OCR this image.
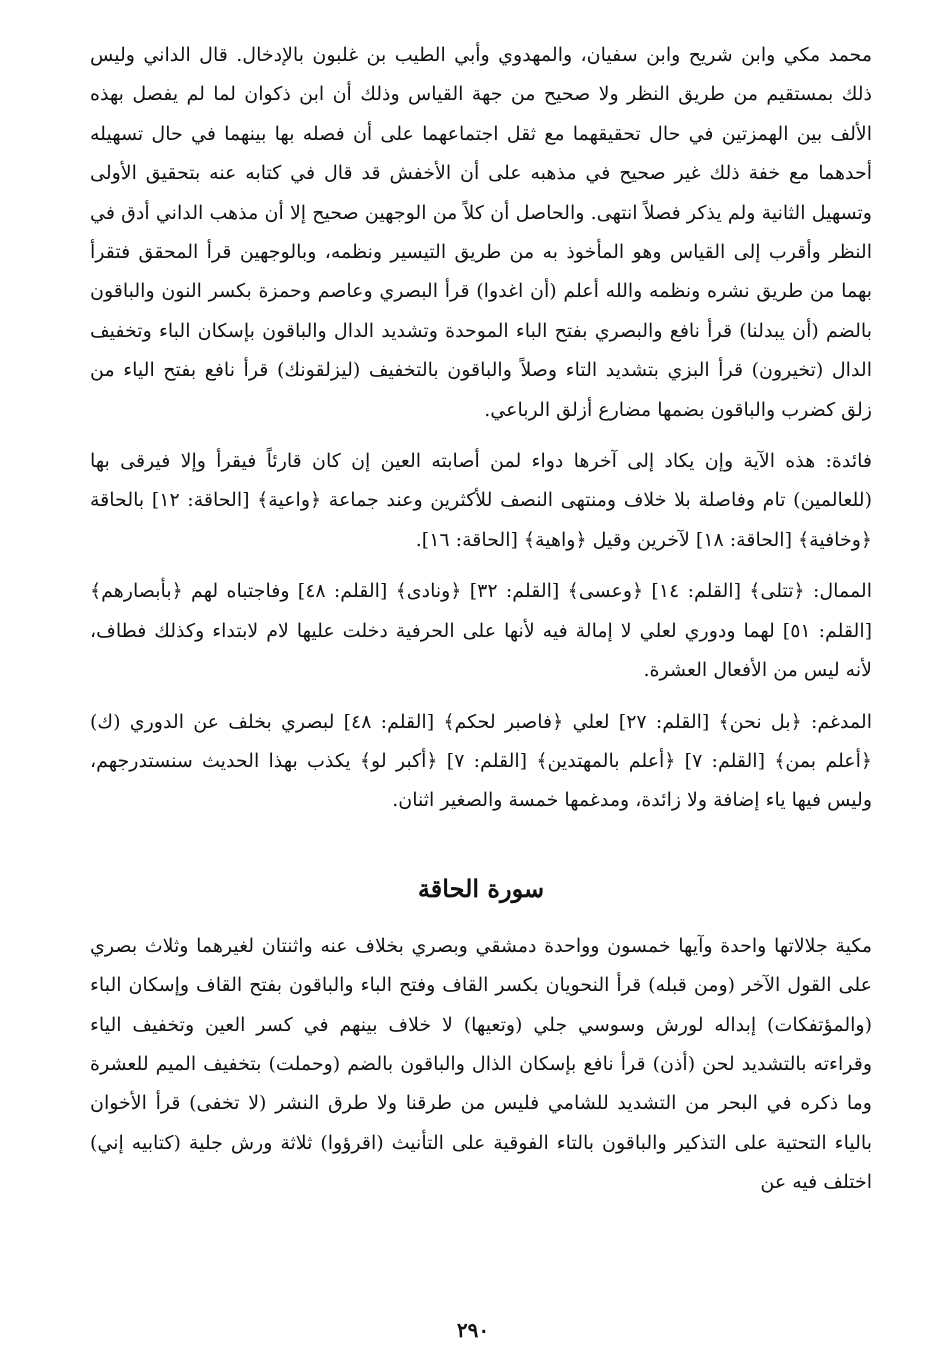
محمد مكي وابن شريح وابن سفيان، والمهدوي وأبي الطيب بن غلبون بالإدخال. قال الداني وليس ذلك بمستقيم من طريق النظر ولا صحيح من جهة القياس وذلك أن ابن ذكوان لما لم يفصل بهذه الألف بين الهمزتين في حال تحقيقهما مع ثقل اجتماعهما على أن فصله بها بينهما في حال تسهيله أحدهما مع خفة ذلك غير صحيح في مذهبه على أن الأخفش قد قال في كتابه عنه بتحقيق الأولى وتسهيل الثانية ولم يذكر فصلاً انتهى. والحاصل أن كلاً من الوجهين صحيح إلا أن مذهب الداني أدق في النظر وأقرب إلى القياس وهو المأخوذ به من طريق التيسير ونظمه، وبالوجهين قرأ المحقق فتقرأ بهما من طريق نشره ونظمه والله أعلم (أن اغدوا) قرأ البصري وعاصم وحمزة بكسر النون والباقون بالضم (أن يبدلنا) قرأ نافع والبصري بفتح الباء الموحدة وتشديد الدال والباقون بإسكان الباء وتخفيف الدال (تخيرون) قرأ البزي بتشديد التاء وصلاً والباقون بالتخفيف (ليزلقونك) قرأ نافع بفتح الياء من زلق كضرب والباقون بضمها مضارع أزلق الرباعي.

فائدة: هذه الآية وإن يكاد إلى آخرها دواء لمن أصابته العين إن كان قارئاً فيقرأ وإلا فيرقى بها (للعالمين) تام وفاصلة بلا خلاف ومنتهى النصف للأكثرين وعند جماعة ﴿واعية﴾ [الحاقة: ١٢] بالحاقة ﴿وخافية﴾ [الحاقة: ١٨] لآخرين وقيل ﴿واهية﴾ [الحاقة: ١٦].

الممال: ﴿تتلى﴾ [القلم: ١٤] ﴿وعسى﴾ [القلم: ٣٢] ﴿ونادى﴾ [القلم: ٤٨] وفاجتباه لهم ﴿بأبصارهم﴾ [القلم: ٥١] لهما ودوري لعلي لا إمالة فيه لأنها على الحرفية دخلت عليها لام لابتداء وكذلك فطاف، لأنه ليس من الأفعال العشرة.

المدغم: ﴿بل نحن﴾ [القلم: ٢٧] لعلي ﴿فاصبر لحكم﴾ [القلم: ٤٨] لبصري بخلف عن الدوري (ك) ﴿أعلم بمن﴾ [القلم: ٧] ﴿أعلم بالمهتدين﴾ [القلم: ٧] ﴿أكبر لو﴾ يكذب بهذا الحديث سنستدرجهم، وليس فيها ياء إضافة ولا زائدة، ومدغمها خمسة والصغير اثنان.

سورة الحاقة

مكية جلالاتها واحدة وآيها خمسون وواحدة دمشقي وبصري بخلاف عنه واثنتان لغيرهما وثلاث بصري على القول الآخر (ومن قبله) قرأ النحويان بكسر القاف وفتح الباء والباقون بفتح القاف وإسكان الباء (والمؤتفكات) إبداله لورش وسوسي جلي (وتعيها) لا خلاف بينهم في كسر العين وتخفيف الياء وقراءته بالتشديد لحن (أذن) قرأ نافع بإسكان الذال والباقون بالضم (وحملت) بتخفيف الميم للعشرة وما ذكره في البحر من التشديد للشامي فليس من طرقنا ولا طرق النشر (لا تخفى) قرأ الأخوان بالياء التحتية على التذكير والباقون بالتاء الفوقية على التأنيث (اقرؤوا) ثلاثة ورش جلية (كتابيه إني) اختلف فيه عن

٢٩٠
